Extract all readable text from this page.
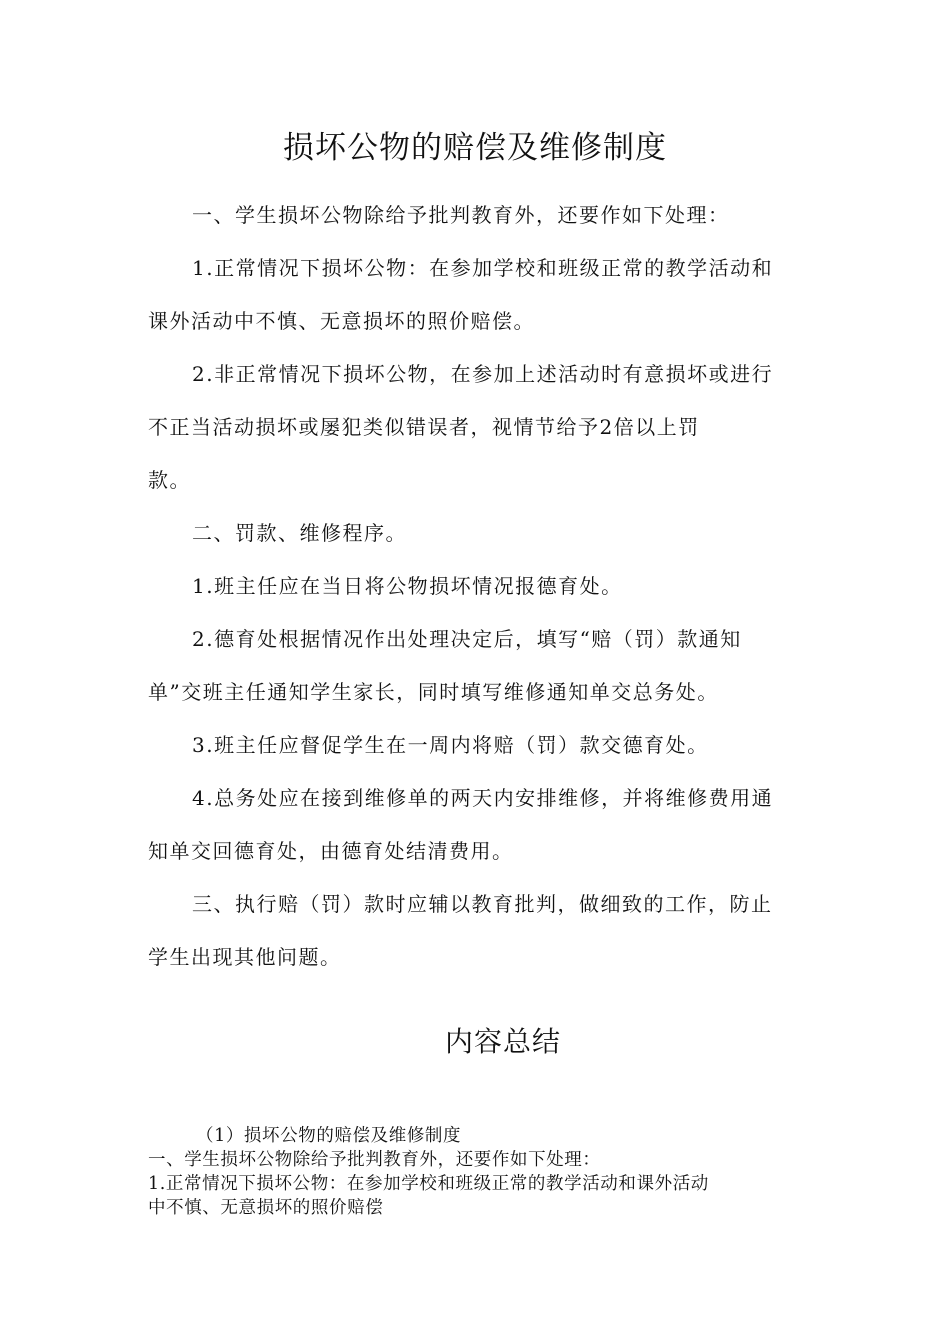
损坏公物的赔偿及维修制度
一、学生损坏公物除给予批判教育外，还要作如下处理：
1.正常情况下损坏公物：在参加学校和班级正常的教学活动和
课外活动中不慎、无意损坏的照价赔偿。
2.非正常情况下损坏公物，在参加上述活动时有意损坏或进行
不正当活动损坏或屡犯类似错误者，视情节给予2倍以上罚
款。
二、罚款、维修程序。
1.班主任应在当日将公物损坏情况报德育处。
2.德育处根据情况作出处理决定后，填写“赔（罚）款通知
单”交班主任通知学生家长，同时填写维修通知单交总务处。
3.班主任应督促学生在一周内将赔（罚）款交德育处。
4.总务处应在接到维修单的两天内安排维修，并将维修费用通
知单交回德育处，由德育处结清费用。
三、执行赔（罚）款时应辅以教育批判，做细致的工作，防止
学生出现其他问题。
内容总结
（1）损坏公物的赔偿及维修制度
一、学生损坏公物除给予批判教育外，还要作如下处理：
1.正常情况下损坏公物：在参加学校和班级正常的教学活动和课外活动
中不慎、无意损坏的照价赔偿
